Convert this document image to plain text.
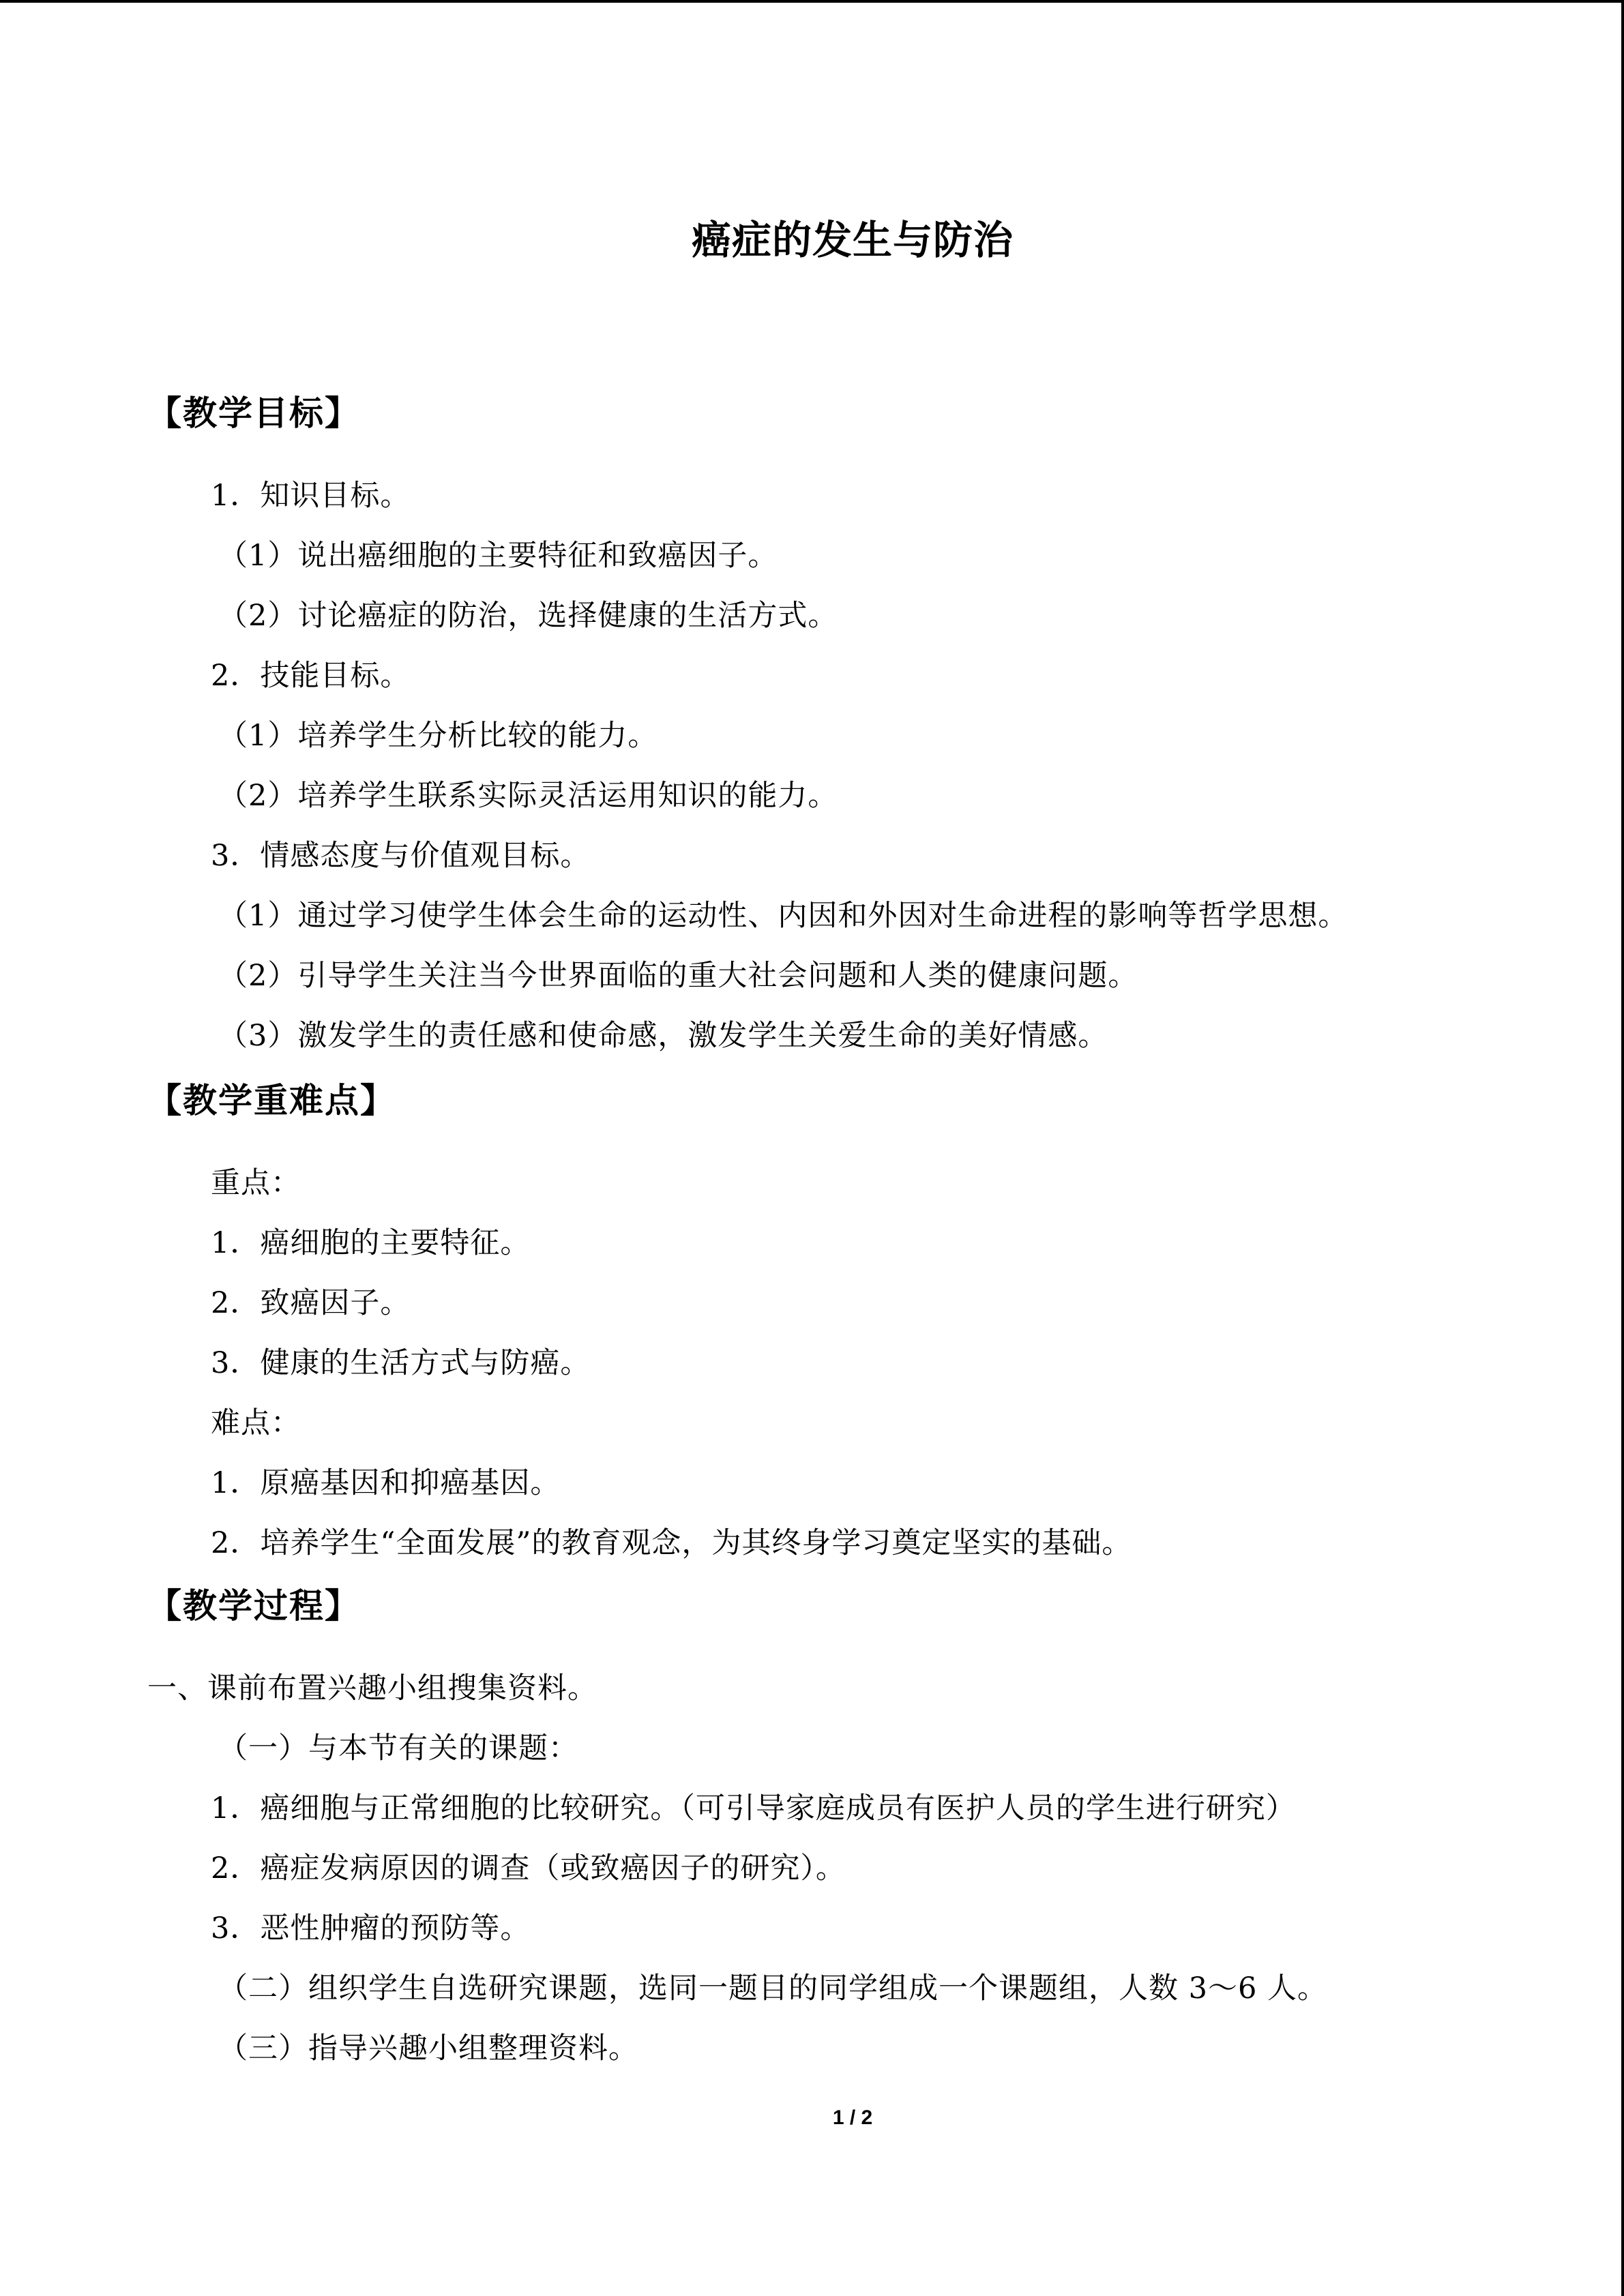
癌症的发生与防治
【教学目标】
1．知识目标。
（1）说出癌细胞的主要特征和致癌因子。
（2）讨论癌症的防治，选择健康的生活方式。
2．技能目标。
（1）培养学生分析比较的能力。
（2）培养学生联系实际灵活运用知识的能力。
3．情感态度与价值观目标。
（1）通过学习使学生体会生命的运动性、内因和外因对生命进程的影响等哲学思想。
（2）引导学生关注当今世界面临的重大社会问题和人类的健康问题。
（3）激发学生的责任感和使命感，激发学生关爱生命的美好情感。
【教学重难点】
重点：
1．癌细胞的主要特征。
2．致癌因子。
3．健康的生活方式与防癌。
难点：
1．原癌基因和抑癌基因。
2．培养学生“全面发展”的教育观念，为其终身学习奠定坚实的基础。
【教学过程】
一、课前布置兴趣小组搜集资料。
（一）与本节有关的课题：
1．癌细胞与正常细胞的比较研究。（可引导家庭成员有医护人员的学生进行研究）
2．癌症发病原因的调查（或致癌因子的研究）。
3．恶性肿瘤的预防等。
（二）组织学生自选研究课题，选同一题目的同学组成一个课题组，人数 3～6 人。
（三）指导兴趣小组整理资料。
1 / 2
